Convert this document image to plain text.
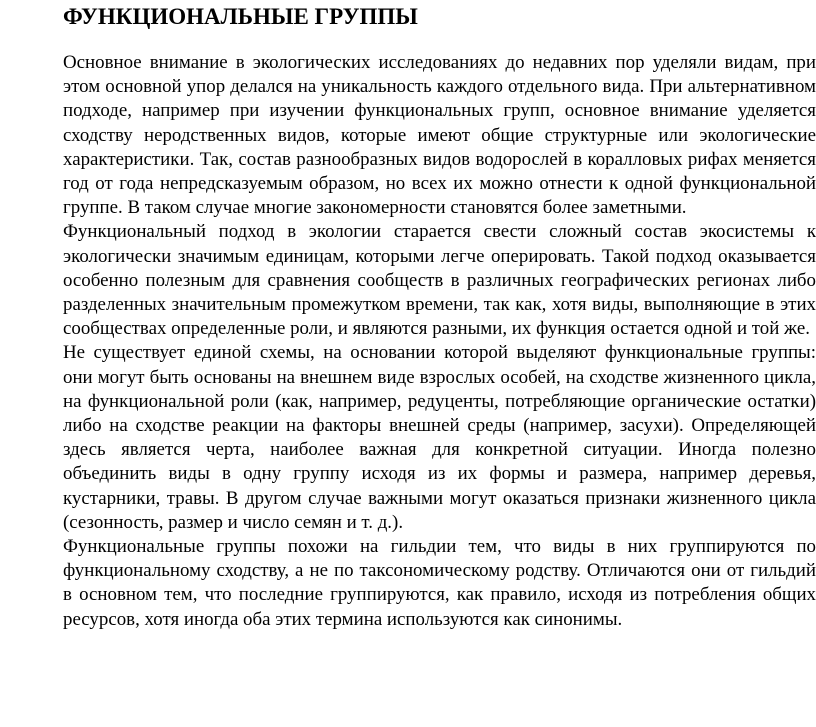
ФУНКЦИОНАЛЬНЫЕ ГРУППЫ

Основное внимание в экологических исследованиях до недавних пор уделяли видам, при этом основной упор делался на уникальность каждого отдельного вида. При альтернативном подходе, например при изучении функциональных групп, основное внимание уделяется сходству неродственных видов, которые имеют общие структурные или экологические характеристики. Так, состав разнообразных видов водорослей в коралловых рифах меняется год от года непредсказуемым образом, но всех их можно отнести к одной функциональной группе. В таком случае многие закономерности становятся более заметными.

Функциональный подход в экологии старается свести сложный состав экосистемы к экологически значимым единицам, которыми легче оперировать. Такой подход оказывается особенно полезным для сравнения сообществ в различных географических регионах либо разделенных значительным промежутком времени, так как, хотя виды, выполняющие в этих сообществах определенные роли, и являются разными, их функция остается одной и той же.

Не существует единой схемы, на основании которой выделяют функциональные группы: они могут быть основаны на внешнем виде взрослых особей, на сходстве жизненного цикла, на функциональной роли (как, например, редуценты, потребляющие органические остатки) либо на сходстве реакции на факторы внешней среды (например, засухи). Определяющей здесь является черта, наиболее важная для конкретной ситуации. Иногда полезно объединить виды в одну группу исходя из их формы и размера, например деревья, кустарники, травы. В другом случае важными могут оказаться признаки жизненного цикла (сезонность, размер и число семян и т. д.).

Функциональные группы похожи на гильдии тем, что виды в них группируются по функциональному сходству, а не по таксономическому родству. Отличаются они от гильдий в основном тем, что последние группируются, как правило, исходя из потребления общих ресурсов, хотя иногда оба этих термина используются как синонимы.
